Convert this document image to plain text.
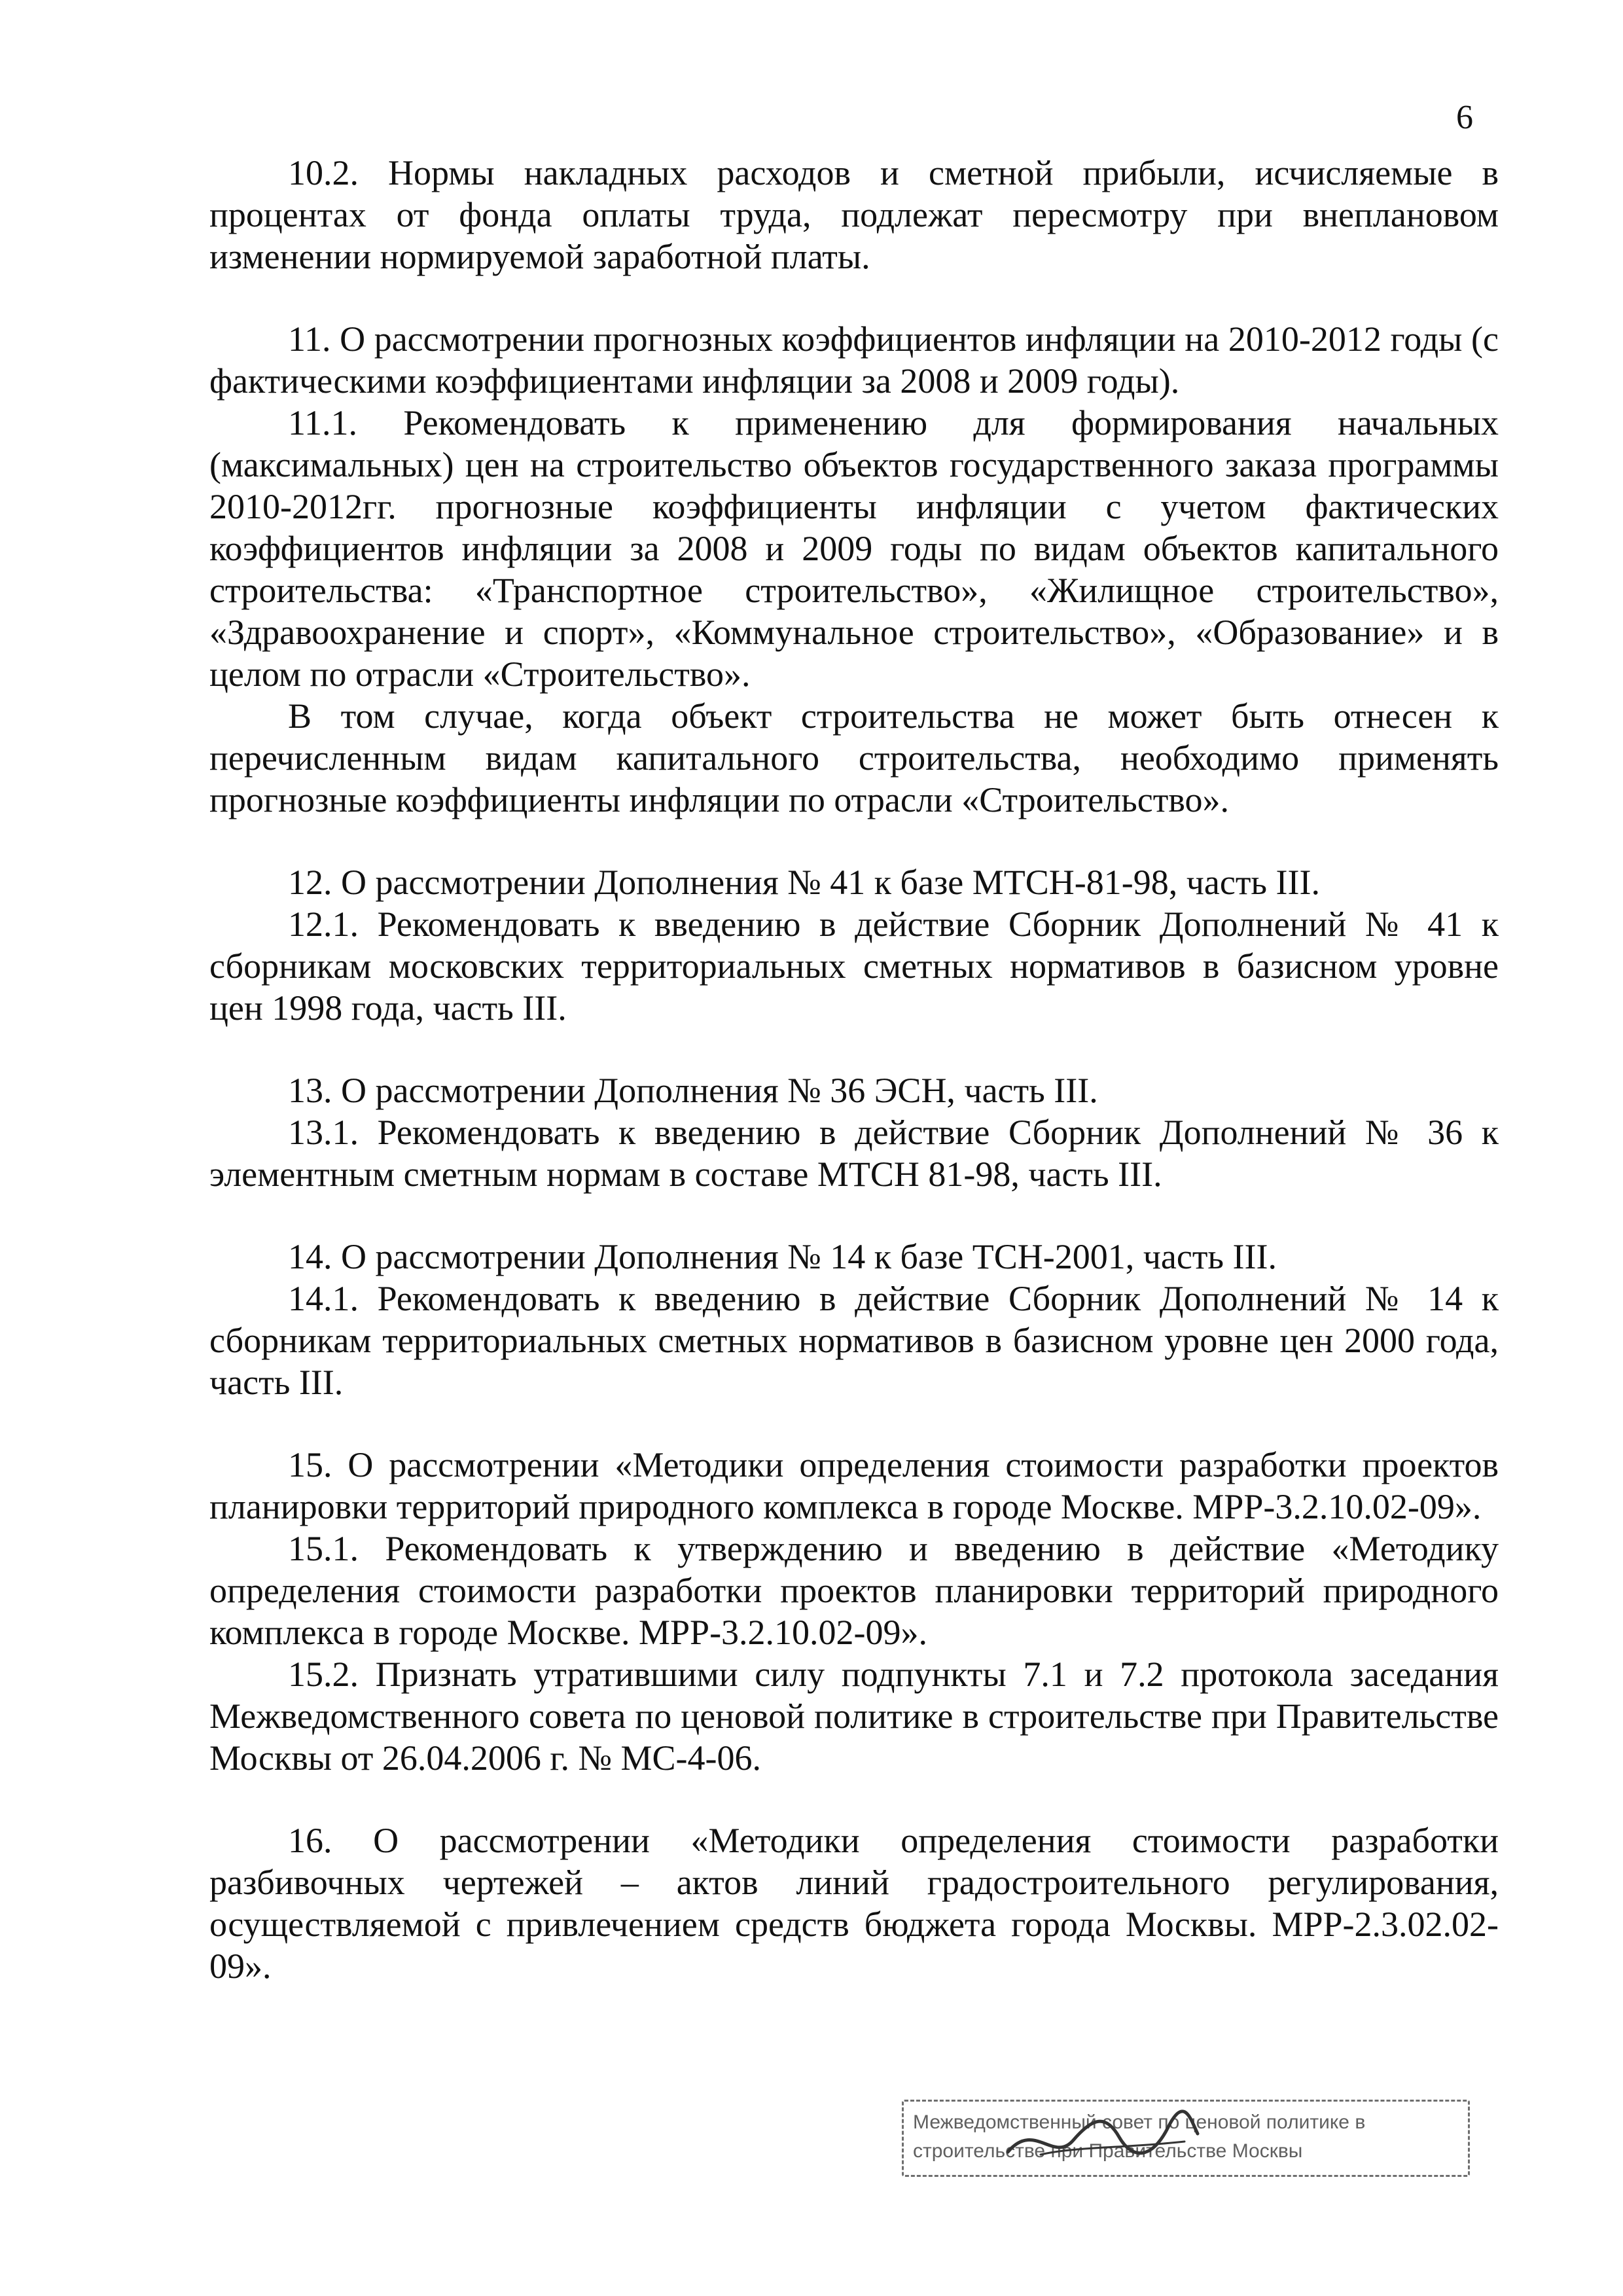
6

10.2. Нормы накладных расходов и сметной прибыли, исчисляемые в процентах от фонда оплаты труда, подлежат пересмотру при внеплановом изменении нормируемой заработной платы.

11. О рассмотрении прогнозных коэффициентов инфляции на 2010-2012 годы (с фактическими коэффициентами инфляции за 2008 и 2009 годы).

11.1. Рекомендовать к применению для формирования начальных (максимальных) цен на строительство объектов государственного заказа программы 2010-2012гг. прогнозные коэффициенты инфляции с учетом фактических коэффициентов инфляции за 2008 и 2009 годы по видам объектов капитального строительства: «Транспортное строительство», «Жилищное строительство», «Здравоохранение и спорт», «Коммунальное строительство», «Образование» и в целом по отрасли «Строительство».

В том случае, когда объект строительства не может быть отнесен к перечисленным видам капитального строительства, необходимо применять прогнозные коэффициенты инфляции по отрасли «Строительство».

12. О рассмотрении Дополнения № 41 к базе МТСН-81-98, часть III.

12.1. Рекомендовать к введению в действие Сборник Дополнений № 41 к сборникам московских территориальных сметных нормативов в базисном уровне цен 1998 года, часть III.

13. О рассмотрении Дополнения № 36 ЭСН, часть III.

13.1. Рекомендовать к введению в действие Сборник Дополнений № 36 к элементным сметным нормам в составе МТСН 81-98, часть III.

14. О рассмотрении Дополнения № 14 к базе ТСН-2001, часть III.

14.1. Рекомендовать к введению в действие Сборник Дополнений № 14 к сборникам территориальных сметных нормативов в базисном уровне цен 2000 года, часть III.

15. О рассмотрении «Методики определения стоимости разработки проектов планировки территорий природного комплекса в городе Москве. МРР-3.2.10.02-09».

15.1. Рекомендовать к утверждению и введению в действие «Методику определения стоимости разработки проектов планировки территорий природного комплекса в городе Москве. МРР-3.2.10.02-09».

15.2. Признать утратившими силу подпункты 7.1 и 7.2 протокола заседания Межведомственного совета по ценовой политике в строительстве при Правительстве Москвы от 26.04.2006 г. № МС-4-06.

16. О рассмотрении «Методики определения стоимости разработки разбивочных чертежей – актов линий градостроительного регулирования, осуществляемой с привлечением средств бюджета города Москвы. МРР-2.3.02.02-09».

Межведомственный совет по ценовой политике в
строительстве при Правительстве Москвы
